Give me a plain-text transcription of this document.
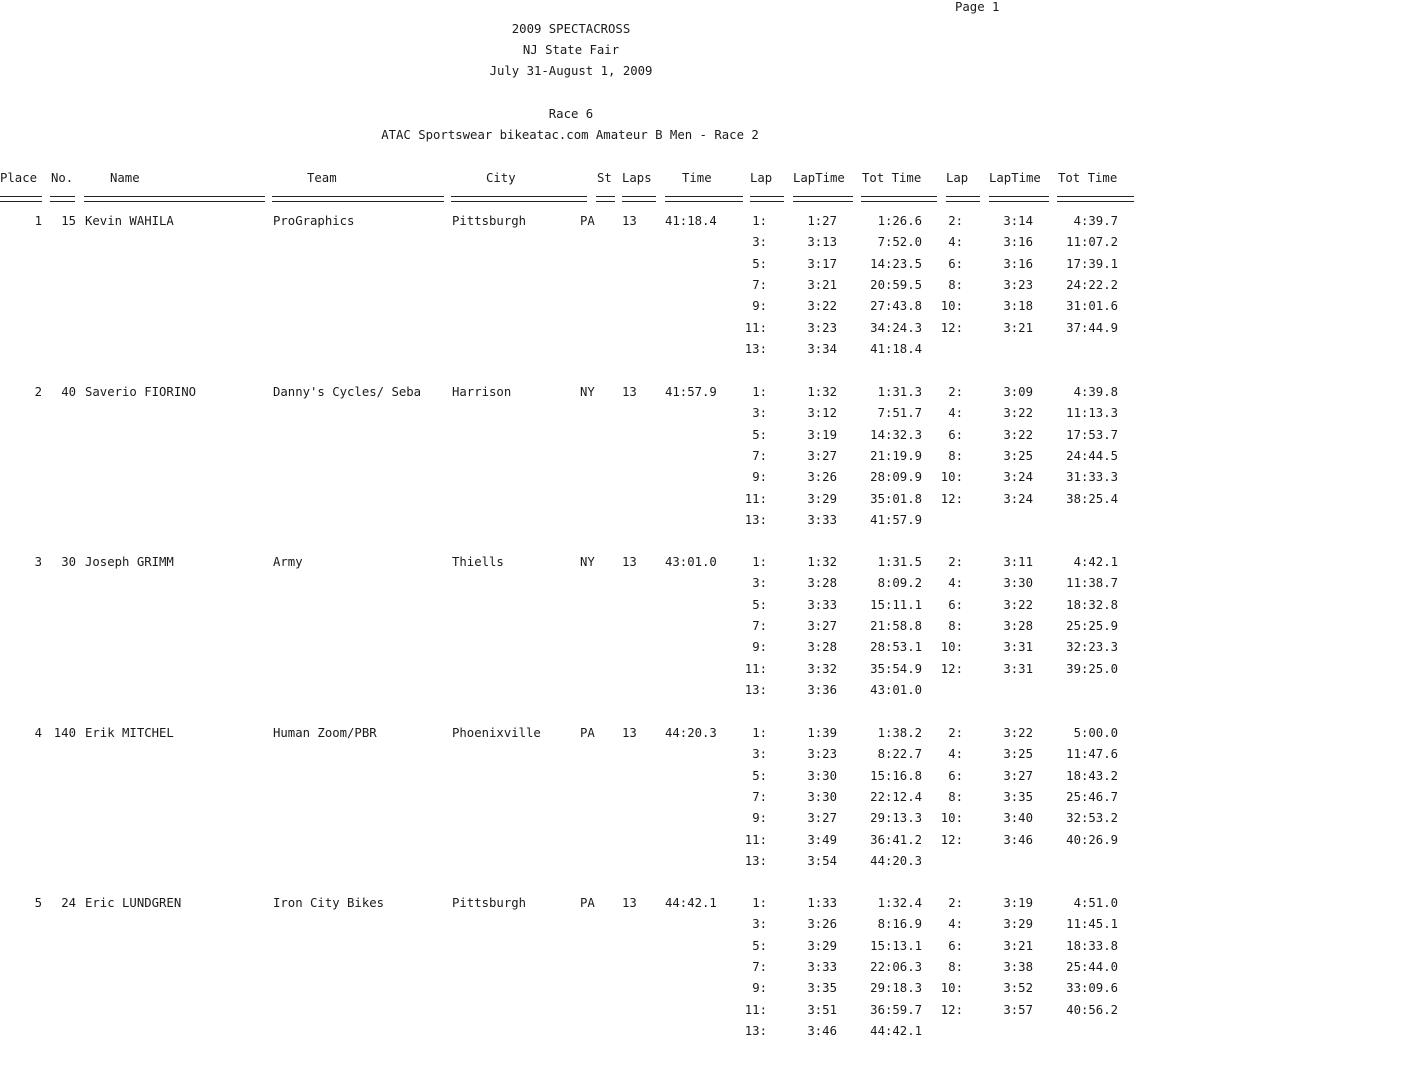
Page 1
2009 SPECTACROSS
NJ State Fair
July 31-August 1, 2009
Race 6
ATAC Sportswear bikeatac.com Amateur B Men - Race 2
Place No.	Name	Team	City	St Laps Time	Lap LapTime Tot Time Lap LapTime Tot Time
1	15 Kevin WAHILA	ProGraphics	Pittsburgh	PA	13 41:18.4	1:	1:27	1:26.6	2:	3:14	4:39.7
3:	3:13	7:52.0	4:	3:16	11:07.2
5:	3:17	14:23.5	6:	3:16	17:39.1
7:	3:21	20:59.5	8:	3:23	24:22.2
9:	3:22	27:43.8	10:	3:18	31:01.6
11:	3:23	34:24.3	12:	3:21	37:44.9
13:	3:34	41:18.4
2	40 Saverio FIORINO	Danny's Cycles/ Seba	Harrison	NY	13 41:57.9	1:	1:32	1:31.3	2:	3:09	4:39.8
3:	3:12	7:51.7	4:	3:22	11:13.3
5:	3:19	14:32.3	6:	3:22	17:53.7
7:	3:27	21:19.9	8:	3:25	24:44.5
9:	3:26	28:09.9	10:	3:24	31:33.3
11:	3:29	35:01.8	12:	3:24	38:25.4
13:	3:33	41:57.9
3	30 Joseph GRIMM	Army	Thiells	NY	13 43:01.0	1:	1:32	1:31.5	2:	3:11	4:42.1
3:	3:28	8:09.2	4:	3:30	11:38.7
5:	3:33	15:11.1	6:	3:22	18:32.8
7:	3:27	21:58.8	8:	3:28	25:25.9
9:	3:28	28:53.1	10:	3:31	32:23.3
11:	3:32	35:54.9	12:	3:31	39:25.0
13:	3:36	43:01.0
4 140 Erik MITCHEL	Human Zoom/PBR	Phoenixville	PA	13 44:20.3	1:	1:39	1:38.2	2:	3:22	5:00.0
3:	3:23	8:22.7	4:	3:25	11:47.6
5:	3:30	15:16.8	6:	3:27	18:43.2
7:	3:30	22:12.4	8:	3:35	25:46.7
9:	3:27	29:13.3	10:	3:40	32:53.2
11:	3:49	36:41.2	12:	3:46	40:26.9
13:	3:54	44:20.3
5	24 Eric LUNDGREN	Iron City Bikes	Pittsburgh	PA	13 44:42.1	1:	1:33	1:32.4	2:	3:19	4:51.0
3:	3:26	8:16.9	4:	3:29	11:45.1
5:	3:29	15:13.1	6:	3:21	18:33.8
7:	3:33	22:06.3	8:	3:38	25:44.0
9:	3:35	29:18.3	10:	3:52	33:09.6
11:	3:51	36:59.7	12:	3:57	40:56.2
13:	3:46	44:42.1
